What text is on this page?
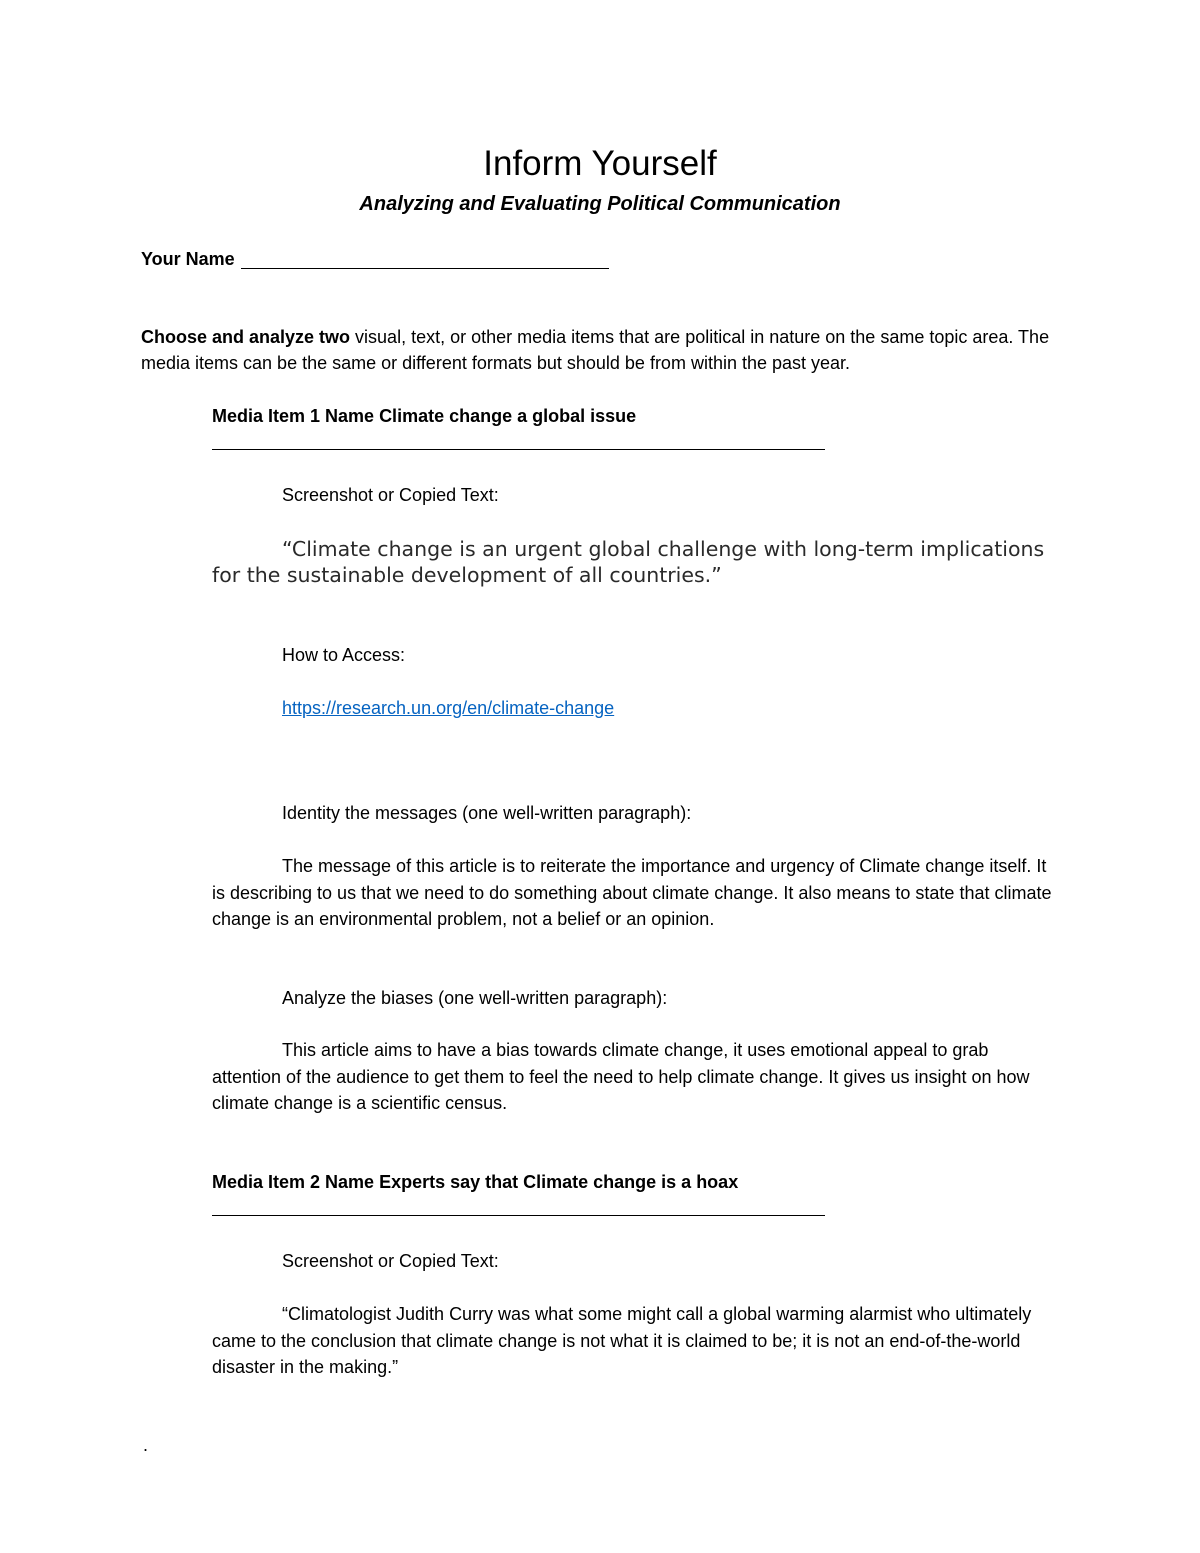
Inform Yourself
Analyzing and Evaluating Political Communication
Your Name
Choose and analyze two visual, text, or other media items that are political in nature on the same topic area. The media items can be the same or different formats but should be from within the past year.
Media Item 1 Name Climate change a global issue
Screenshot or Copied Text:
“Climate change is an urgent global challenge with long-term implications for the sustainable development of all countries.”
How to Access:
https://research.un.org/en/climate-change
Identity the messages (one well-written paragraph):
The message of this article is to reiterate the importance and urgency of Climate change itself. It is describing to us that we need to do something about climate change. It also means to state that climate change is an environmental problem, not a belief or an opinion.
Analyze the biases (one well-written paragraph):
This article aims to have a bias towards climate change, it uses emotional appeal to grab attention of the audience to get them to feel the need to help climate change. It gives us insight on how climate change is a scientific census.
Media Item 2 Name Experts say that Climate change is a hoax
Screenshot or Copied Text:
“Climatologist Judith Curry was what some might call a global warming alarmist who ultimately came to the conclusion that climate change is not what it is claimed to be; it is not an end-of-the-world disaster in the making.”
.
